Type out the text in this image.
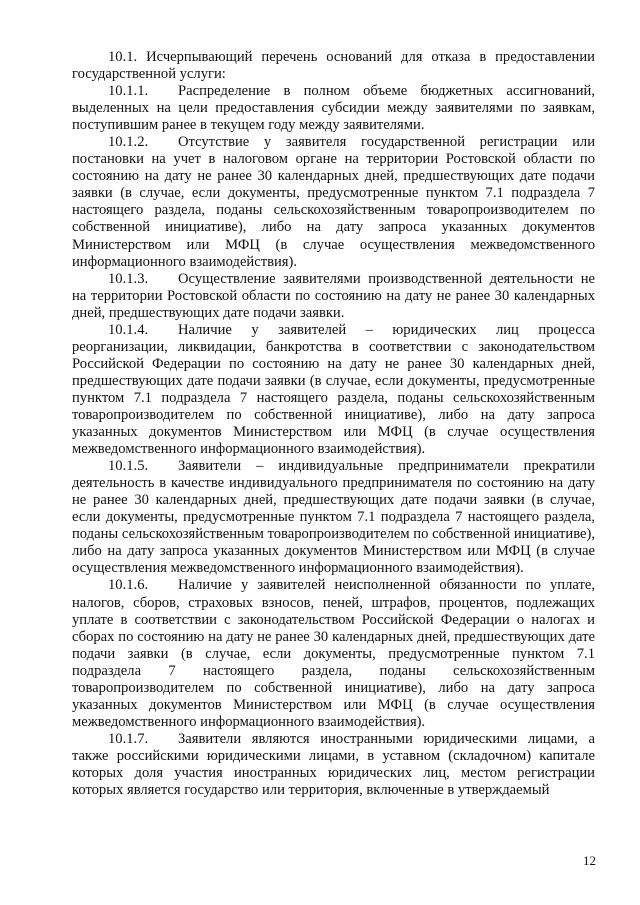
10.1. Исчерпывающий перечень оснований для отказа в предоставлении государственной услуги:

10.1.1. Распределение в полном объеме бюджетных ассигнований, выделенных на цели предоставления субсидии между заявителями по заявкам, поступившим ранее в текущем году между заявителями.

10.1.2. Отсутствие у заявителя государственной регистрации или постановки на учет в налоговом органе на территории Ростовской области по состоянию на дату не ранее 30 календарных дней, предшествующих дате подачи заявки (в случае, если документы, предусмотренные пунктом 7.1 подраздела 7 настоящего раздела, поданы сельскохозяйственным товаропроизводителем по собственной инициативе), либо на дату запроса указанных документов Министерством или МФЦ (в случае осуществления межведомственного информационного взаимодействия).

10.1.3. Осуществление заявителями производственной деятельности не на территории Ростовской области по состоянию на дату не ранее 30 календарных дней, предшествующих дате подачи заявки.

10.1.4. Наличие у заявителей – юридических лиц процесса реорганизации, ликвидации, банкротства в соответствии с законодательством Российской Федерации по состоянию на дату не ранее 30 календарных дней, предшествующих дате подачи заявки (в случае, если документы, предусмотренные пунктом 7.1 подраздела 7 настоящего раздела, поданы сельскохозяйственным товаропроизводителем по собственной инициативе), либо на дату запроса указанных документов Министерством или МФЦ (в случае осуществления межведомственного информационного взаимодействия).

10.1.5. Заявители – индивидуальные предприниматели прекратили деятельность в качестве индивидуального предпринимателя по состоянию на дату не ранее 30 календарных дней, предшествующих дате подачи заявки (в случае, если документы, предусмотренные пунктом 7.1 подраздела 7 настоящего раздела, поданы сельскохозяйственным товаропроизводителем по собственной инициативе), либо на дату запроса указанных документов Министерством или МФЦ (в случае осуществления межведомственного информационного взаимодействия).

10.1.6. Наличие у заявителей неисполненной обязанности по уплате, налогов, сборов, страховых взносов, пеней, штрафов, процентов, подлежащих уплате в соответствии с законодательством Российской Федерации о налогах и сборах по состоянию на дату не ранее 30 календарных дней, предшествующих дате подачи заявки (в случае, если документы, предусмотренные пунктом 7.1 подраздела 7 настоящего раздела, поданы сельскохозяйственным товаропроизводителем по собственной инициативе), либо на дату запроса указанных документов Министерством или МФЦ (в случае осуществления межведомственного информационного взаимодействия).

10.1.7. Заявители являются иностранными юридическими лицами, а также российскими юридическими лицами, в уставном (складочном) капитале которых доля участия иностранных юридических лиц, местом регистрации которых является государство или территория, включенные в утверждаемый

12
